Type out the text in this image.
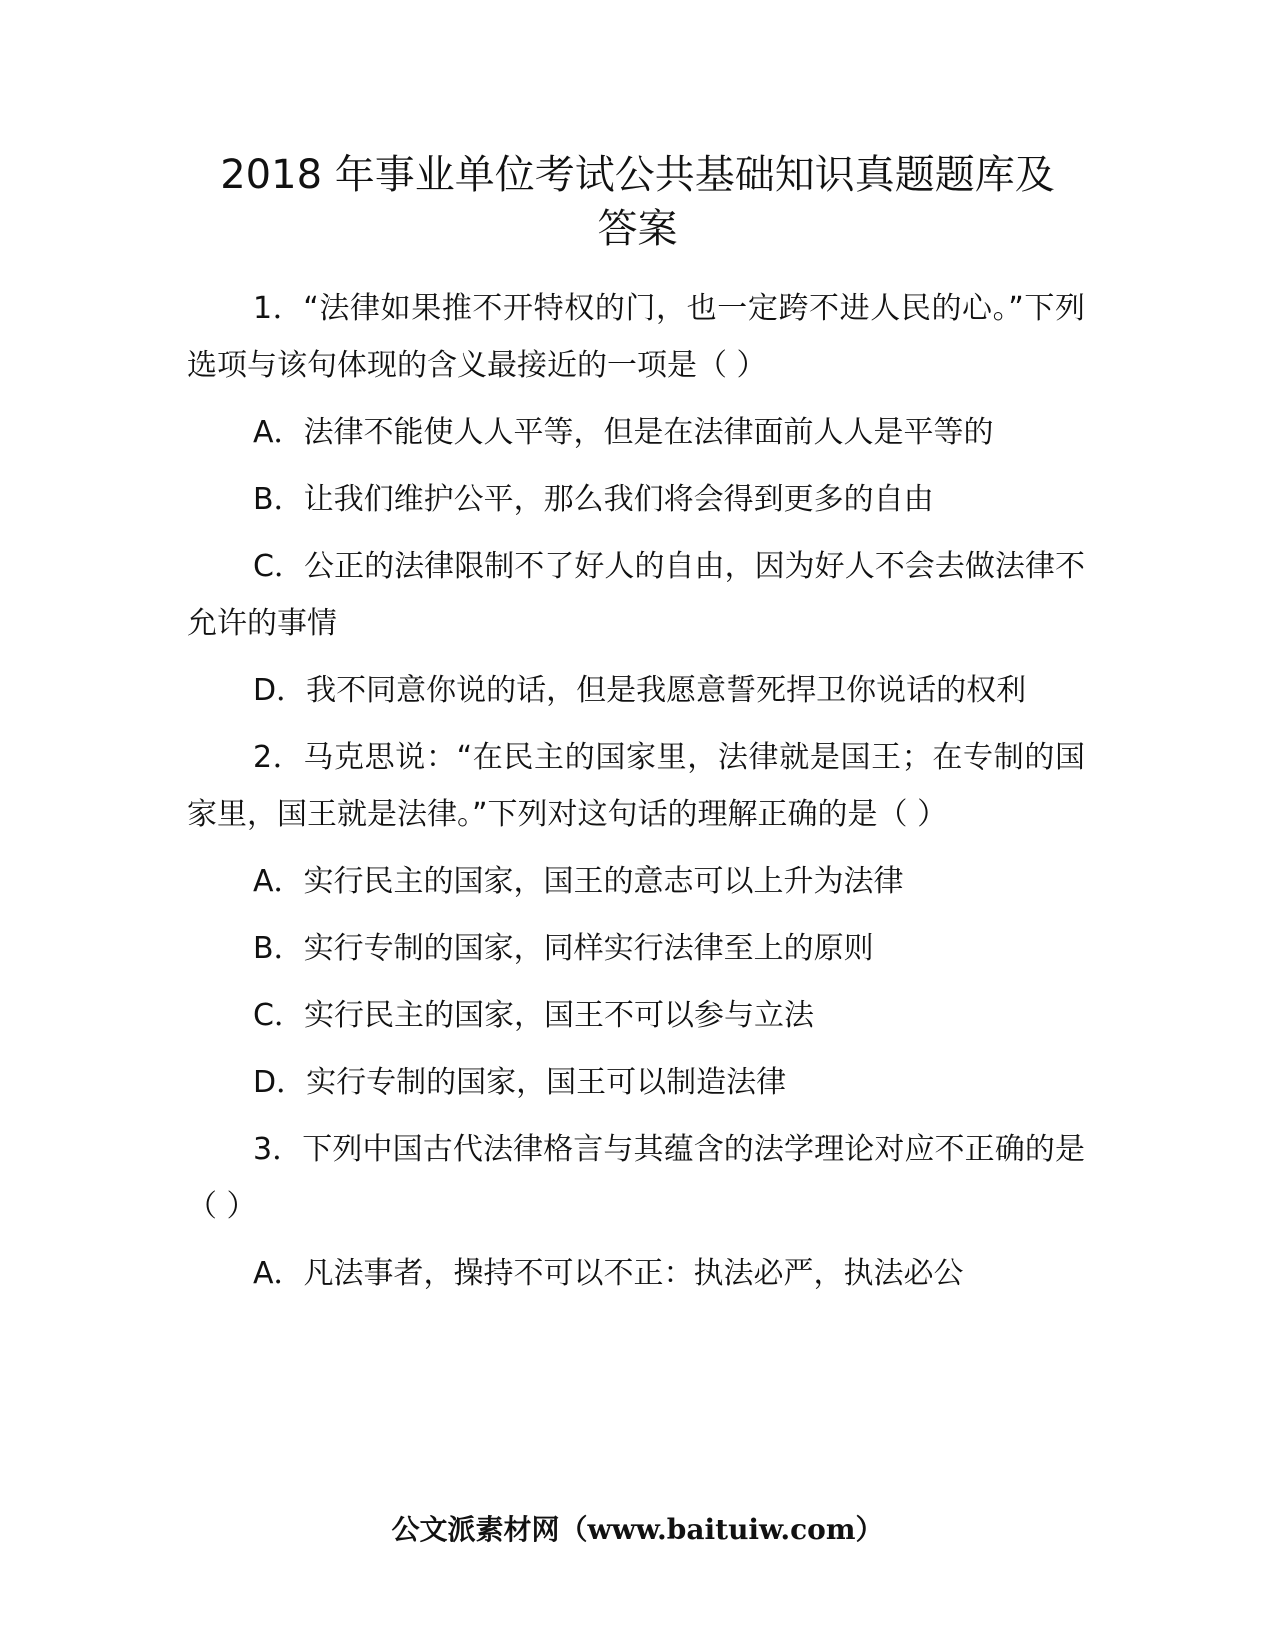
2018 年事业单位考试公共基础知识真题题库及
答案

1．“法律如果推不开特权的门，也一定跨不进人民的心。”下列选项与该句体现的含义最接近的一项是（ ）

A．法律不能使人人平等，但是在法律面前人人是平等的

B．让我们维护公平，那么我们将会得到更多的自由

C．公正的法律限制不了好人的自由，因为好人不会去做法律不允许的事情

D．我不同意你说的话，但是我愿意誓死捍卫你说话的权利

2．马克思说：“在民主的国家里，法律就是国王；在专制的国家里，国王就是法律。”下列对这句话的理解正确的是（ ）

A．实行民主的国家，国王的意志可以上升为法律

B．实行专制的国家，同样实行法律至上的原则

C．实行民主的国家，国王不可以参与立法

D．实行专制的国家，国王可以制造法律

3．下列中国古代法律格言与其蕴含的法学理论对应不正确的是（ ）

A．凡法事者，操持不可以不正：执法必严，执法必公

公文派素材网（www.baituiw.com）
